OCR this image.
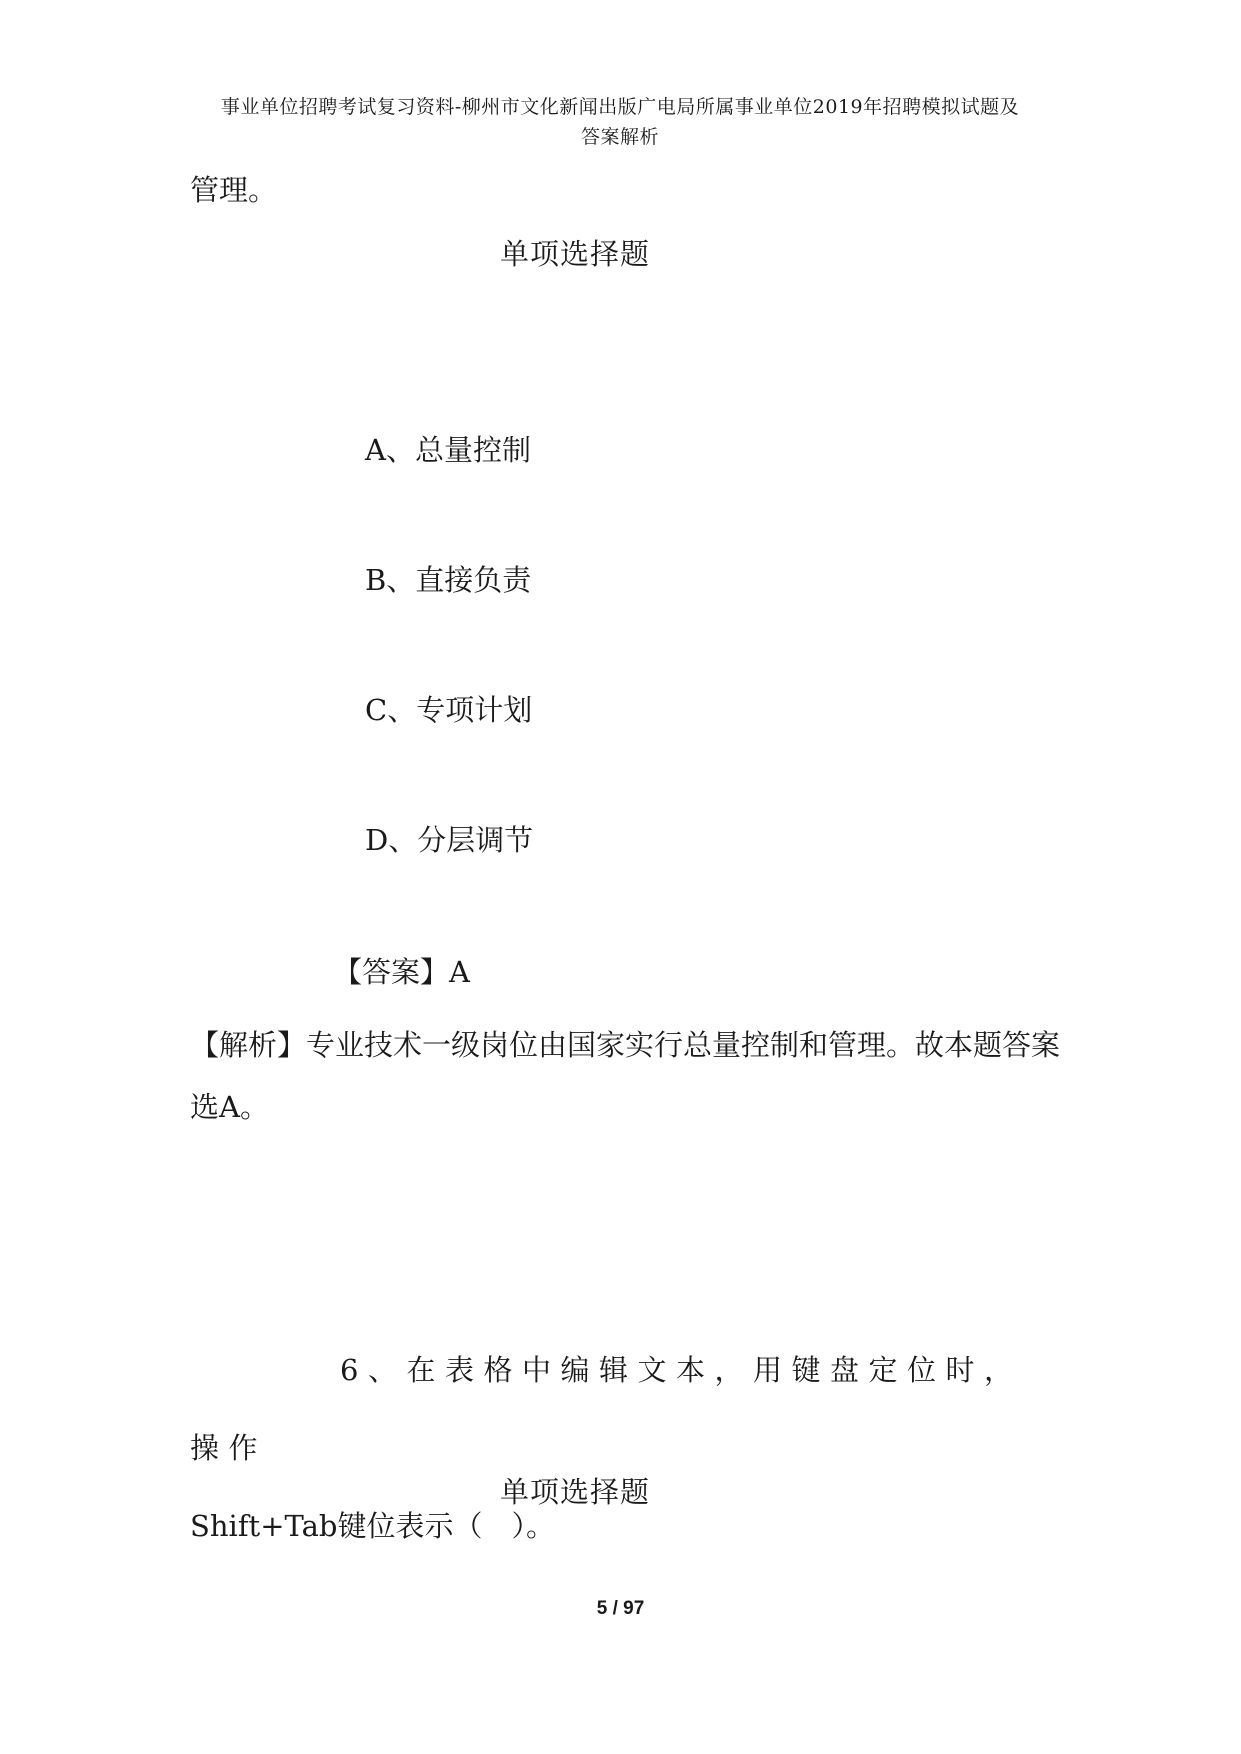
事业单位招聘考试复习资料-柳州市文化新闻出版广电局所属事业单位2019年招聘模拟试题及
答案解析
管理。
单项选择题
A、总量控制
B、直接负责
C、专项计划
D、分层调节
【答案】A
【解析】专业技术一级岗位由国家实行总量控制和管理。故本题答案选A。
6、在表格中编辑文本，用键盘定位时，操作
Shift+Tab键位表示（　）。
单项选择题
5 / 97
